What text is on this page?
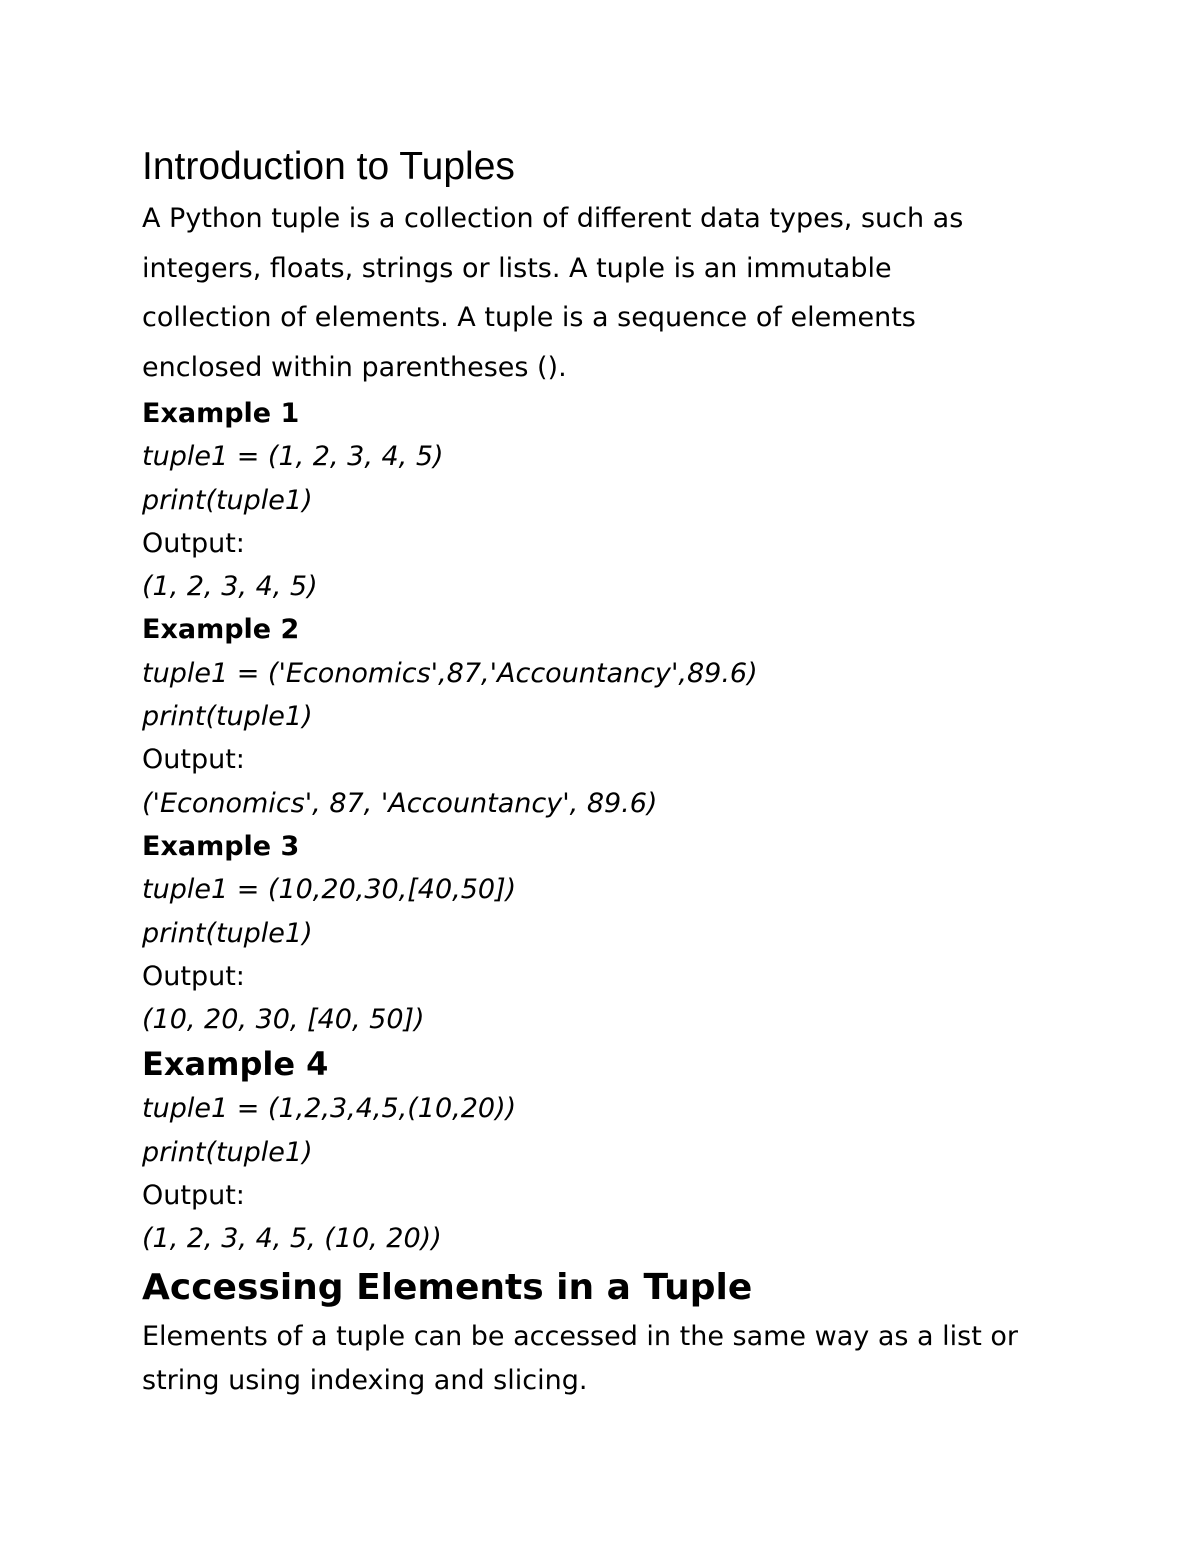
Introduction to Tuples

A Python tuple is a collection of different data types, such as
integers, floats, strings or lists. A tuple is an immutable
collection of elements. A tuple is a sequence of elements
enclosed within parentheses ().

Example 1

tuple1 = (1, 2, 3, 4, 5)

print(tuple1)

Output:

(1, 2, 3, 4, 5)

Example 2

tuple1 = ('Economics',87,'Accountancy',89.6)

print(tuple1)

Output:

('Economics', 87, 'Accountancy', 89.6)

Example 3

tuple1 = (10,20,30,[40,50])

print(tuple1)

Output:

(10, 20, 30, [40, 50])

Example 4

tuple1 = (1,2,3,4,5,(10,20))

print(tuple1)

Output:

(1, 2, 3, 4, 5, (10, 20))

Accessing Elements in a Tuple

Elements of a tuple can be accessed in the same way as a list or
string using indexing and slicing.
